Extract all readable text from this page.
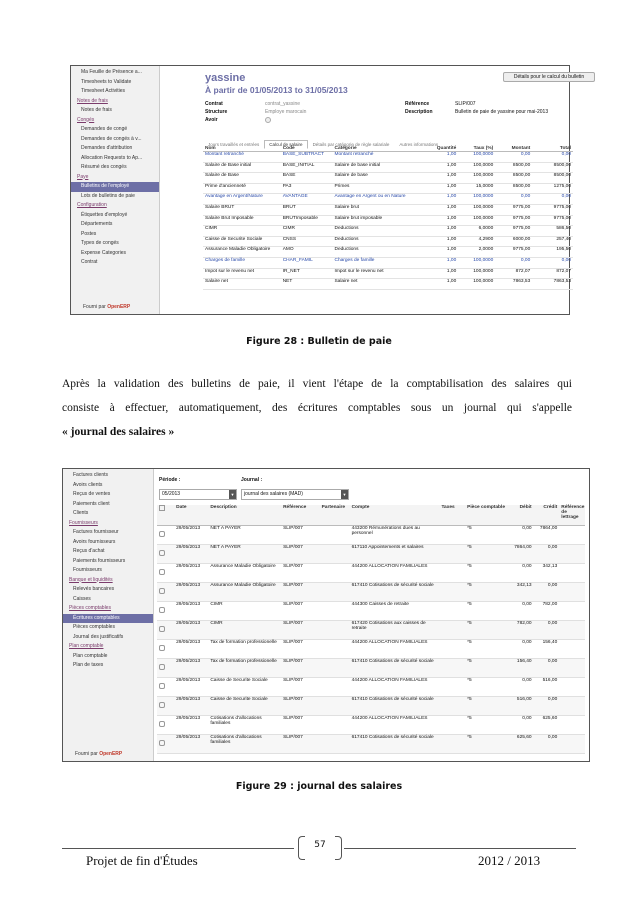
Ma Feuille de Présence a...
Timesheets to Validate
Timesheet Activities
Notes de frais
Notes de frais
Congés
Demandes de congé
Demandes de congés à v...
Demandes d'attribution
Allocation Requests to Ap...
Résumé des congés
Paye
Bulletins de l'employé
Lots de bulletins de paie
Configuration
Étiquettes d'employé
Départements
Postes
Types de congés
Expense Categories
Contrat
Fourni par OpenERP
yassine
À partir de 01/05/2013 to 31/05/2013
Détails pour le calcul du bulletin
Contrat	contrat_yassine	Référence	SLIP/007
Structure	Employe marocain	Description	Bulletin de paie de yassine pour mai-2013
Avoir
Jours travaillés et entrées Calcul de salaire Détails par catégorie de règle salariale Autres informations
Nom	Code	Catégorie	Quantité	Taux (%)	Montant	Total
Montant retranché	BASE_SUBTRACT	Montant retranché	1,00	100,0000	0,00	0,00
Salaire de Base initial	BASE_INITIAL	Salaire de base initial	1,00	100,0000	8500,00	8500,00
Salaire de Base	BASE	Salaire de base	1,00	100,0000	8500,00	8500,00
Prime d'ancienneté	PA3	Primes	1,00	15,0000	8500,00	1275,00
Avantage en Argent/Nature	AVANTAGE	Avantage en Argent ou en Nature	1,00	100,0000	0,00	0,00
Salaire BRUT	BRUT	Salaire brut	1,00	100,0000	9775,00	9775,00
Salaire Brut Imposable	BRUTImposable	Salaire brut imposable	1,00	100,0000	9775,00	9775,00
CIMR	CIMR	Deductions	1,00	6,0000	9775,00	586,50
Caisse de Securite Sociale	CNSS	Deductions	1,00	4,2900	6000,00	257,40
Assurance Maladie Obligatoire	AMO	Deductions	1,00	2,0000	9775,00	195,50
Charges de famille	CHAR_FAMIL	Charges de famille	1,00	100,0000	0,00	0,00
Impot sur le revenu net	IR_NET	Impot sur le revenu net	1,00	100,0000	872,07	872,07
Salaire net	NET	Salaire net	1,00	100,0000	7863,53	7863,53
Figure 28 : Bulletin de paie
Après la validation des bulletins de paie, il vient l'étape de la comptabilisation des salaires qui
consiste à effectuer, automatiquement, des écritures comptables sous un journal qui s'appelle
« journal des salaires »
Factures clients
Avoirs clients
Reçus de ventes
Paiements client
Clients
Fournisseurs
Factures fournisseur
Avoirs fournisseurs
Reçus d'achat
Paiements fournisseurs
Fournisseurs
Banque et liquidités
Relevés bancaires
Caisses
Pièces comptables
Écritures comptables
Pièces comptables
Journal des justificatifs
Plan comptable
Plan comptable
Plan de taxes
Fourni par OpenERP
Période :
05/2013	▼
Journal :
journal des salaires (MAD)	▼
	Date	Description	Référence	Partenaire	Compte	Taxes	Pièce comptable	Débit	Crédit	Référence de lettrage
	29/05/2013	NET A PAYER	SLIP/007		443200 Rémunérations dues au personnel		*5	0,00	7864,00	
	29/05/2013	NET A PAYER	SLIP/007		617110 Appointements et salaires		*5	7864,00	0,00	
	29/05/2013	Assurance Maladie Obligatoire	SLIP/007		444200 ALLOCATION FAMILIALES		*5	0,00	342,13	
	29/05/2013	Assurance Maladie Obligatoire	SLIP/007		617410 Cotisations de sécurité sociale		*5	342,13	0,00	
	29/05/2013	CIMR	SLIP/007		444300 Caisses de retraite		*5	0,00	782,00	
	29/05/2013	CIMR	SLIP/007		617420 Cotisations aux caisses de retraite		*5	782,00	0,00	
	29/05/2013	Tax de formation professionelle	SLIP/007		444200 ALLOCATION FAMILIALES		*5	0,00	156,40	
	29/05/2013	Tax de formation professionelle	SLIP/007		617410 Cotisations de sécurité sociale		*5	156,40	0,00	
	29/05/2013	Caisse de Securite Sociale	SLIP/007		444200 ALLOCATION FAMILIALES		*5	0,00	516,00	
	29/05/2013	Caisse de Securite Sociale	SLIP/007		617410 Cotisations de sécurité sociale		*5	516,00	0,00	
	29/05/2013	Cotisations d'allocations familiales	SLIP/007		444200 ALLOCATION FAMILIALES		*5	0,00	625,60	
	29/05/2013	Cotisations d'allocations familiales	SLIP/007		617410 Cotisations de sécurité sociale		*5	625,60	0,00	
Figure 29 : journal des salaires
57
Projet de fin d'Études	2012 / 2013
